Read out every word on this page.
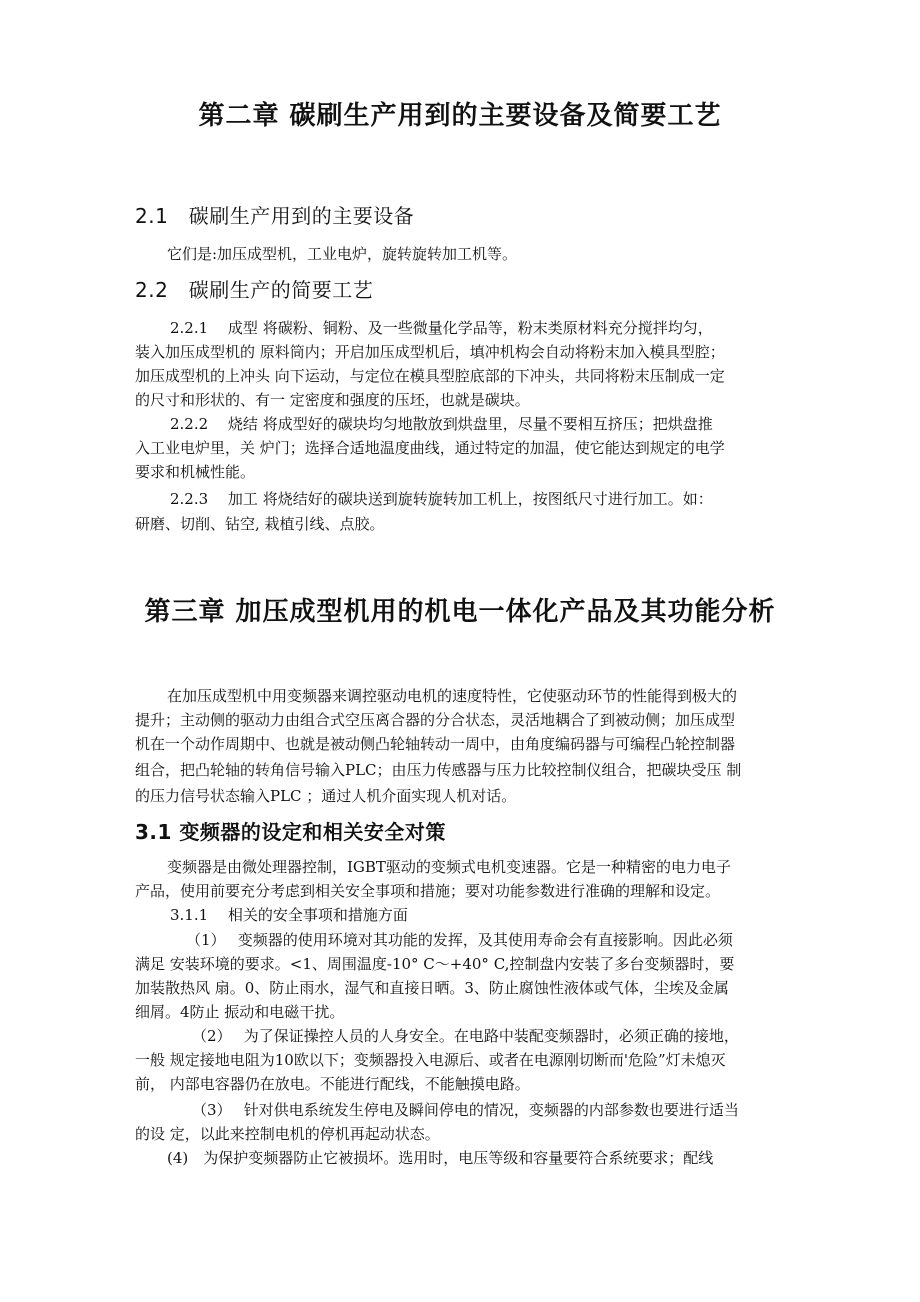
第二章 碳刷生产用到的主要设备及简要工艺
2.1　碳刷生产用到的主要设备
它们是:加压成型机，工业电炉，旋转旋转加工机等。
2.2　碳刷生产的简要工艺
2.2.1　 成型 将碳粉、铜粉、及一些微量化学品等，粉末类原材料充分搅拌均匀，
装入加压成型机的 原料筒内；开启加压成型机后，填冲机构会自动将粉末加入模具型腔；
加压成型机的上冲头 向下运动，与定位在模具型腔底部的下冲头，共同将粉末压制成一定
的尺寸和形状的、有一 定密度和强度的压坯，也就是碳块。
2.2.2　 烧结 将成型好的碳块均匀地散放到烘盘里，尽量不要相互挤压；把烘盘推
入工业电炉里，关 炉门；选择合适地温度曲线，通过特定的加温，使它能达到规定的电学
要求和机械性能。
2.2.3　 加工 将烧结好的碳块送到旋转旋转加工机上，按图纸尺寸进行加工。如：
研磨、切削、钻空, 栽植引线、点胶。
第三章 加压成型机用的机电一体化产品及其功能分析
在加压成型机中用变频器来调控驱动电机的速度特性，它使驱动环节的性能得到极大的
提升；主动侧的驱动力由组合式空压离合器的分合状态，灵活地耦合了到被动侧；加压成型
机在一个动作周期中、也就是被动侧凸轮轴转动一周中，由角度编码器与可编程凸轮控制器
组合，把凸轮轴的转角信号输入PLC；由压力传感器与压力比较控制仪组合，把碳块受压 制
的压力信号状态输入PLC ；通过人机介面实现人机对话。
3.1 变频器的设定和相关安全对策
变频器是由微处理器控制，IGBT驱动的变频式电机变速器。它是一种精密的电力电子
产品，使用前要充分考虑到相关安全事项和措施；要对功能参数进行准确的理解和设定。
3.1.1　 相关的安全事项和措施方面
（1）　 变频器的使用环境对其功能的发挥，及其使用寿命会有直接影响。因此必须
满足 安装环境的要求。<1、周围温度-10° C〜+40° C,控制盘内安装了多台变频器时，要
加装散热风 扇。0、防止雨水，湿气和直接日晒。3、防止腐蚀性液体或气体，尘埃及金属
细屑。4防止 振动和电磁干扰。
（2）　 为了保证操控人员的人身安全。在电路中装配变频器时，必须正确的接地，
一般 规定接地电阻为10欧以下；变频器投入电源后、或者在电源刚切断而'危险”灯未熄灭
前， 内部电容器仍在放电。不能进行配线，不能触摸电路。
（3）　 针对供电系统发生停电及瞬间停电的情况，变频器的内部参数也要进行适当
的设 定，以此来控制电机的停机再起动状态。
(4)　为保护变频器防止它被损坏。选用时，电压等级和容量要符合系统要求；配线
